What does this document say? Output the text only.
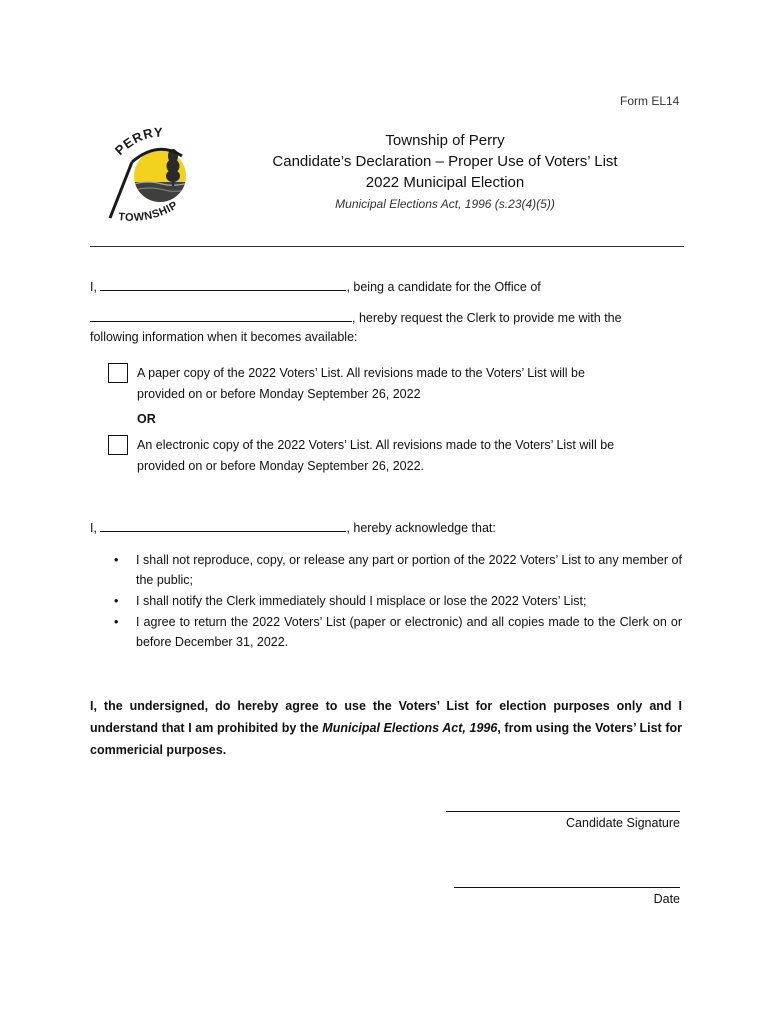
Form EL14
PERRY
TOWNSHIP
Township of Perry
Candidate’s Declaration – Proper Use of Voters’ List
2022 Municipal Election
Municipal Elections Act, 1996 (s.23(4)(5))
I,	, being a candidate for the Office of
, hereby request the Clerk to provide me with the
following information when it becomes available:
A paper copy of the 2022 Voters’ List. All revisions made to the Voters’ List will be
provided on or before Monday September 26, 2022
OR
An electronic copy of the 2022 Voters’ List. All revisions made to the Voters’ List will be
provided on or before Monday September 26, 2022.
I,	, hereby acknowledge that:
• I shall not reproduce, copy, or release any part or portion of the 2022 Voters’ List to any member of the public;
• I shall notify the Clerk immediately should I misplace or lose the 2022 Voters’ List;
• I agree to return the 2022 Voters’ List (paper or electronic) and all copies made to the Clerk on or before December 31, 2022.
I, the undersigned, do hereby agree to use the Voters’ List for election purposes only and I understand that I am prohibited by the Municipal Elections Act, 1996, from using the Voters’ List for commericial purposes.
Candidate Signature
Date
